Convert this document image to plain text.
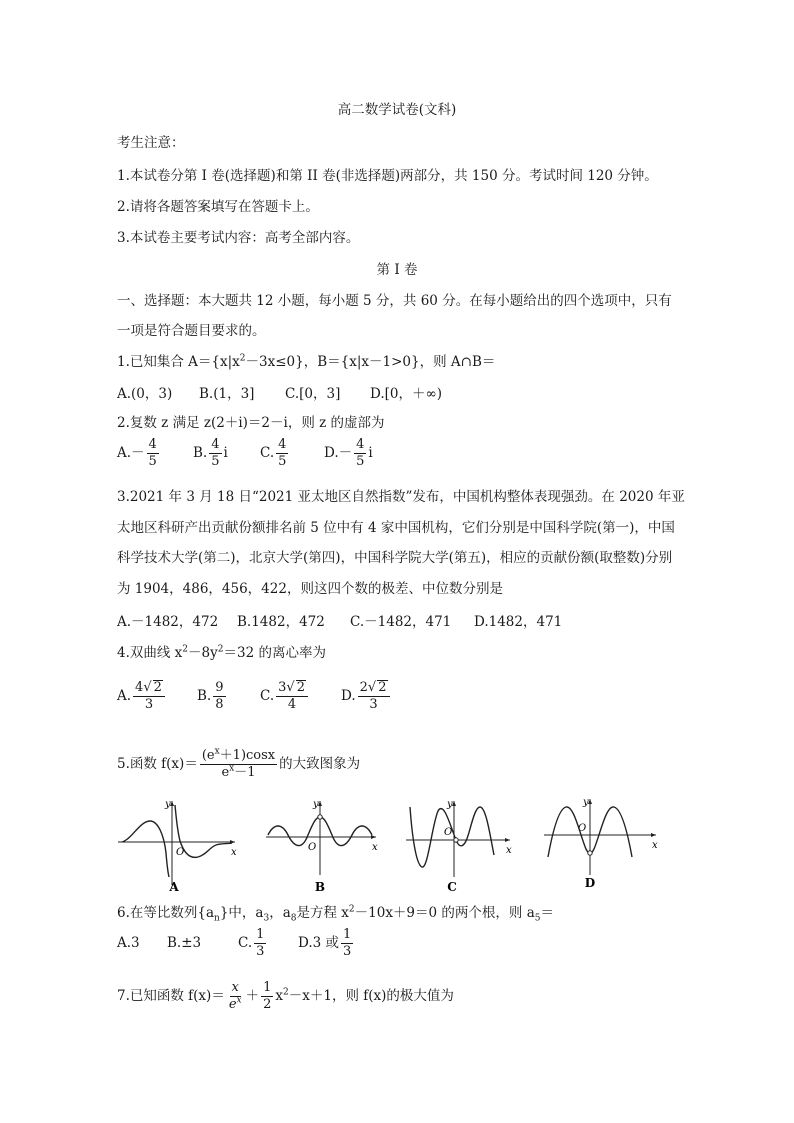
高二数学试卷(文科)
考生注意：
1.本试卷分第 I 卷(选择题)和第 II 卷(非选择题)两部分，共 150 分。考试时间 120 分钟。
2.请将各题答案填写在答题卡上。
3.本试卷主要考试内容：高考全部内容。
第 I 卷
一、选择题：本大题共 12 小题，每小题 5 分，共 60 分。在每小题给出的四个选项中，只有
一项是符合题目要求的。
1.已知集合 $A=\{x|x^2-3x\le 0\}$，B＝{x|x－1>0}，则 A∩B＝
A.(0，3) B.(1，3] C.[0，3] D.[0，＋∞)
2.复数 z 满足 z(2＋i)＝2－i，则 z 的虚部为
$A.- \frac{4}{5}$	B. $\frac{4}{5}$ i C. $\frac{4}{5}$	$D.- \frac{4}{5}$ i
3.2021 年 3 月 18 日“2021 亚太地区自然指数”发布，中国机构整体表现强劲。在 2020 年亚
太地区科研产出贡献份额排名前 5 位中有 4 家中国机构，它们分别是中国科学院(第一)，中国
科学技术大学(第二)，北京大学(第四)，中国科学院大学(第五)，相应的贡献份额(取整数)分别
为 1904，486，456，422，则这四个数的极差、中位数分别是
A.－1482，472 B.1482，472 C.－1482，471 D.1482，471
4.双曲线 $x^2-8y^2=32$ 的离心率为
A. $\frac{4√ 2}{3} B$. $\frac{9}{8}$	C. $\frac{3√ 2}{4} D$. $\frac{2√ 2}{3}$
5.函数 $f(x)= \frac{(e^x+1)\cos x}{e^x-1}$ 的大致图象为
y
x
O
A
y
x
O
B
y
x
O
C
y
x
O
D
6.在等比数列$\{a_n\}$中，$a_3$，$a_8$是方程 $x^2-10x+9=0$ 的两个根，则 $a_5=$
A.3 B.±3	C. $\frac{1}{3} D.3$ 或 $\frac{1}{3}$
7.已知函数 $f(x)= \frac{x}{e^x} + \frac{1}{2} x^2-x+1$，则 f(x)的极大值为
